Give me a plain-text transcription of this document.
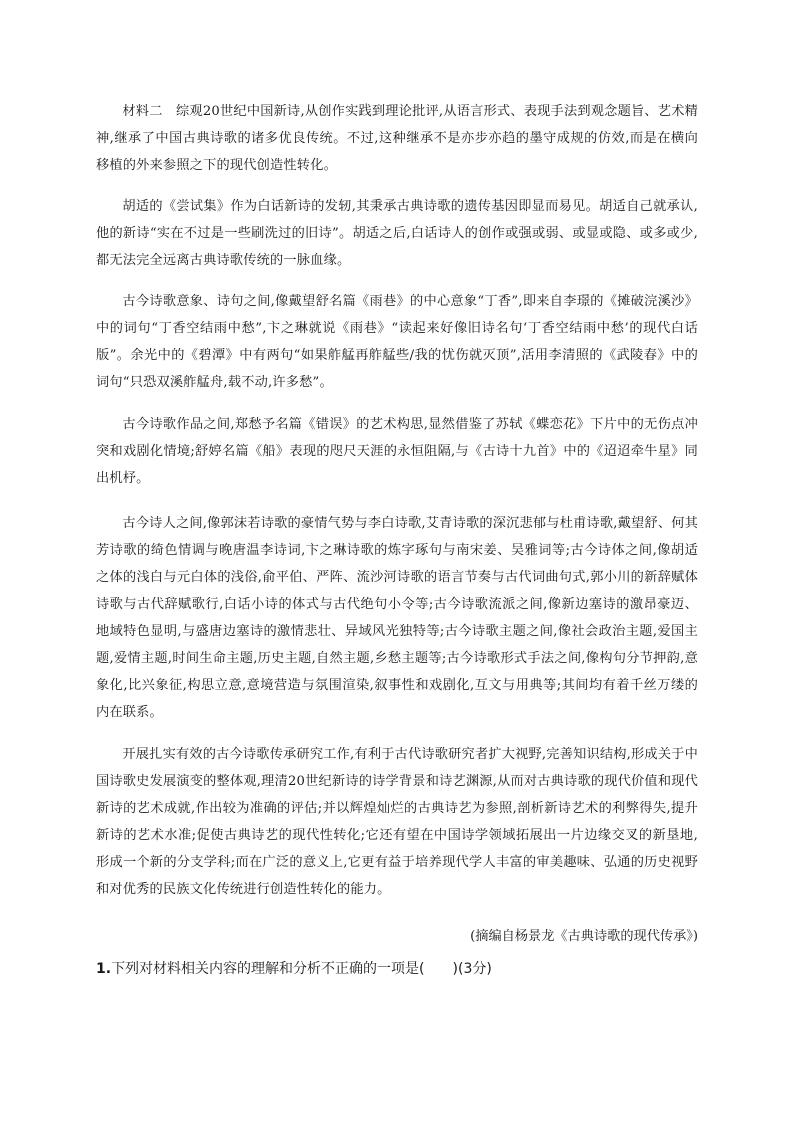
材料二　综观20世纪中国新诗,从创作实践到理论批评,从语言形式、表现手法到观念题旨、艺术精神,继承了中国古典诗歌的诸多优良传统。不过,这种继承不是亦步亦趋的墨守成规的仿效,而是在横向移植的外来参照之下的现代创造性转化。
胡适的《尝试集》作为白话新诗的发轫,其秉承古典诗歌的遗传基因即显而易见。胡适自己就承认,他的新诗“实在不过是一些刷洗过的旧诗”。胡适之后,白话诗人的创作或强或弱、或显或隐、或多或少,都无法完全远离古典诗歌传统的一脉血缘。
古今诗歌意象、诗句之间,像戴望舒名篇《雨巷》的中心意象“丁香”,即来自李璟的《摊破浣溪沙》中的词句“丁香空结雨中愁”,卞之琳就说《雨巷》“读起来好像旧诗名句‘丁香空结雨中愁’的现代白话版”。余光中的《碧潭》中有两句“如果舴艋再舴艋些/我的忧伤就灭顶”,活用李清照的《武陵春》中的词句“只恐双溪舴艋舟,载不动,许多愁”。
古今诗歌作品之间,郑愁予名篇《错误》的艺术构思,显然借鉴了苏轼《蝶恋花》下片中的无伤点冲突和戏剧化情境;舒婷名篇《船》表现的咫尺天涯的永恒阻隔,与《古诗十九首》中的《迢迢牵牛星》同出机杼。
古今诗人之间,像郭沫若诗歌的豪情气势与李白诗歌,艾青诗歌的深沉悲郁与杜甫诗歌,戴望舒、何其芳诗歌的绮色情调与晚唐温李诗词,卞之琳诗歌的炼字琢句与南宋姜、吴雅词等;古今诗体之间,像胡适之体的浅白与元白体的浅俗,俞平伯、严阵、流沙河诗歌的语言节奏与古代词曲句式,郭小川的新辞赋体诗歌与古代辞赋歌行,白话小诗的体式与古代绝句小令等;古今诗歌流派之间,像新边塞诗的激昂豪迈、地域特色显明,与盛唐边塞诗的激情悲壮、异域风光独特等;古今诗歌主题之间,像社会政治主题,爱国主题,爱情主题,时间生命主题,历史主题,自然主题,乡愁主题等;古今诗歌形式手法之间,像构句分节押韵,意象化,比兴象征,构思立意,意境营造与氛围渲染,叙事性和戏剧化,互文与用典等;其间均有着千丝万缕的内在联系。
开展扎实有效的古今诗歌传承研究工作,有利于古代诗歌研究者扩大视野,完善知识结构,形成关于中国诗歌史发展演变的整体观,理清20世纪新诗的诗学背景和诗艺渊源,从而对古典诗歌的现代价值和现代新诗的艺术成就,作出较为准确的评估;并以辉煌灿烂的古典诗艺为参照,剖析新诗艺术的利弊得失,提升新诗的艺术水准;促使古典诗艺的现代性转化;它还有望在中国诗学领域拓展出一片边缘交叉的新垦地,形成一个新的分支学科;而在广泛的意义上,它更有益于培养现代学人丰富的审美趣味、弘通的历史视野和对优秀的民族文化传统进行创造性转化的能力。
(摘编自杨景龙《古典诗歌的现代传承》)
1.下列对材料相关内容的理解和分析不正确的一项是(　　)(3分)
